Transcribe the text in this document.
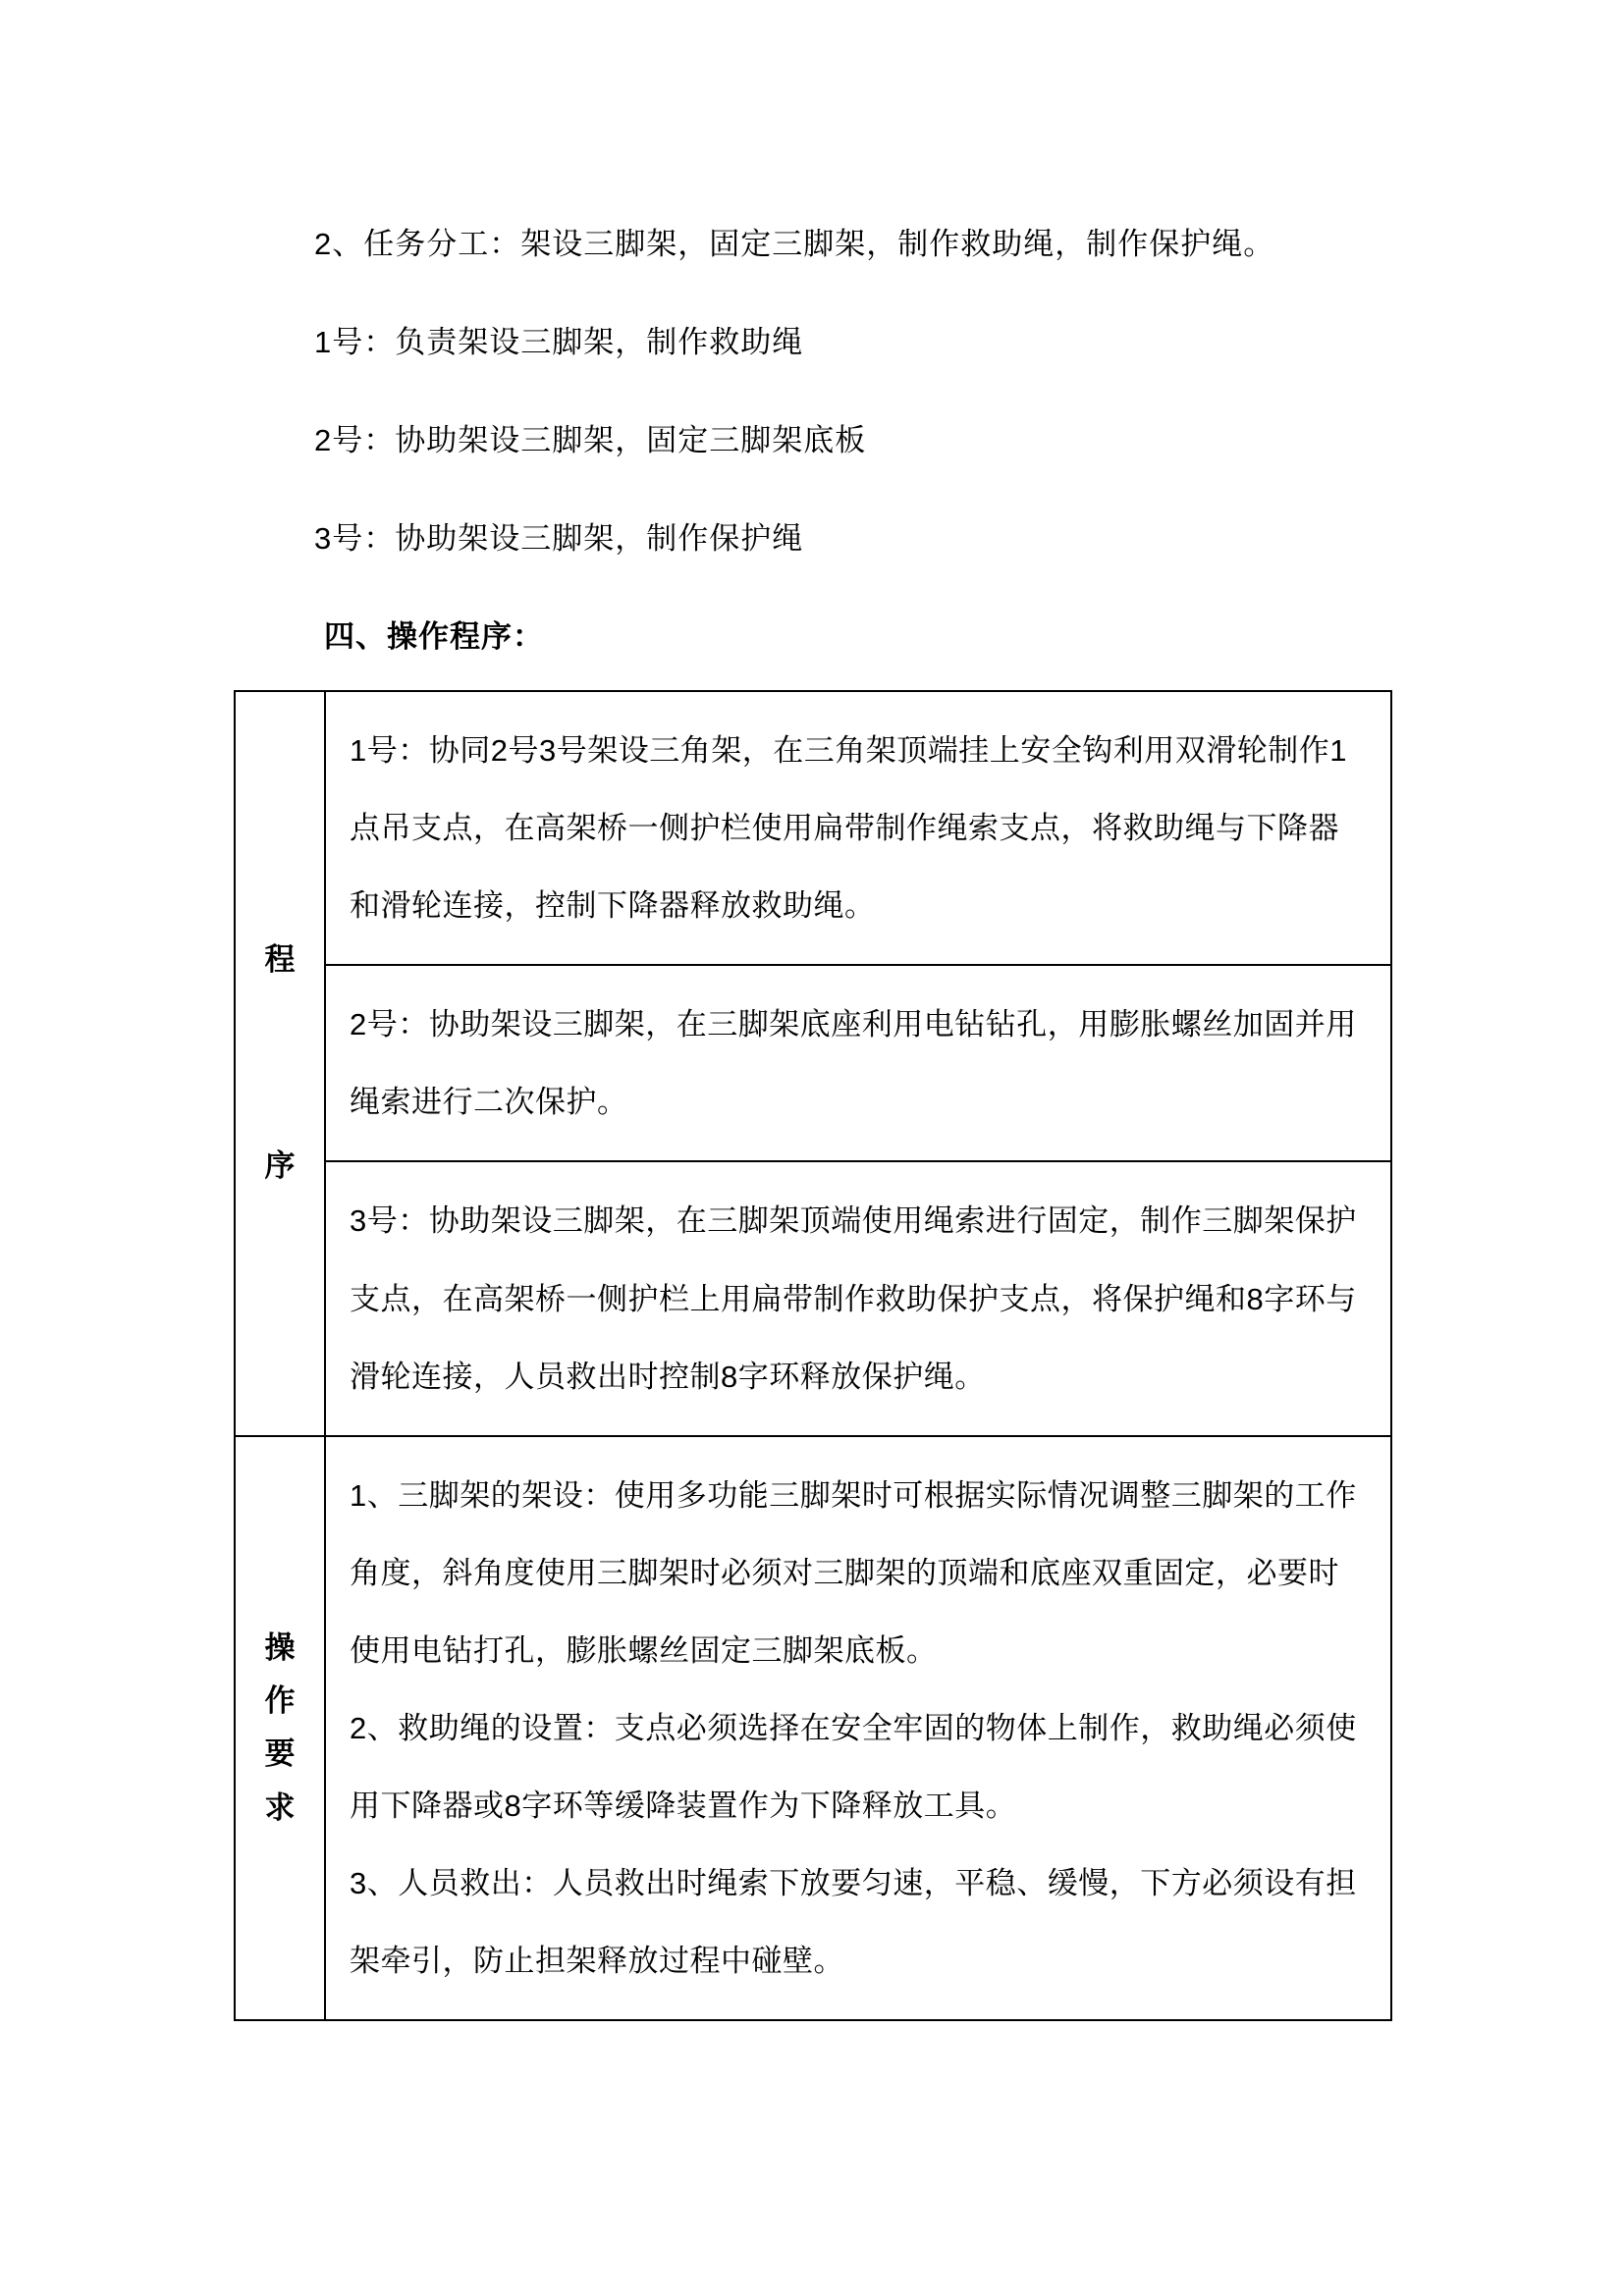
2、任务分工：架设三脚架，固定三脚架，制作救助绳，制作保护绳。

1号：负责架设三脚架，制作救助绳

2号：协助架设三脚架，固定三脚架底板

3号：协助架设三脚架，制作保护绳

四、操作程序：

程序	1号：协同2号3号架设三角架，在三角架顶端挂上安全钩利用双滑轮制作1点吊支点，在高架桥一侧护栏使用扁带制作绳索支点，将救助绳与下降器和滑轮连接，控制下降器释放救助绳。
	2号：协助架设三脚架，在三脚架底座利用电钻钻孔，用膨胀螺丝加固并用绳索进行二次保护。
	3号：协助架设三脚架，在三脚架顶端使用绳索进行固定，制作三脚架保护支点，在高架桥一侧护栏上用扁带制作救助保护支点，将保护绳和8字环与滑轮连接，人员救出时控制8字环释放保护绳。
操作要求	1、三脚架的架设：使用多功能三脚架时可根据实际情况调整三脚架的工作角度，斜角度使用三脚架时必须对三脚架的顶端和底座双重固定，必要时使用电钻打孔，膨胀螺丝固定三脚架底板。

2、救助绳的设置：支点必须选择在安全牢固的物体上制作，救助绳必须使用下降器或8字环等缓降装置作为下降释放工具。

3、人员救出：人员救出时绳索下放要匀速，平稳、缓慢，下方必须设有担架牵引，防止担架释放过程中碰壁。
